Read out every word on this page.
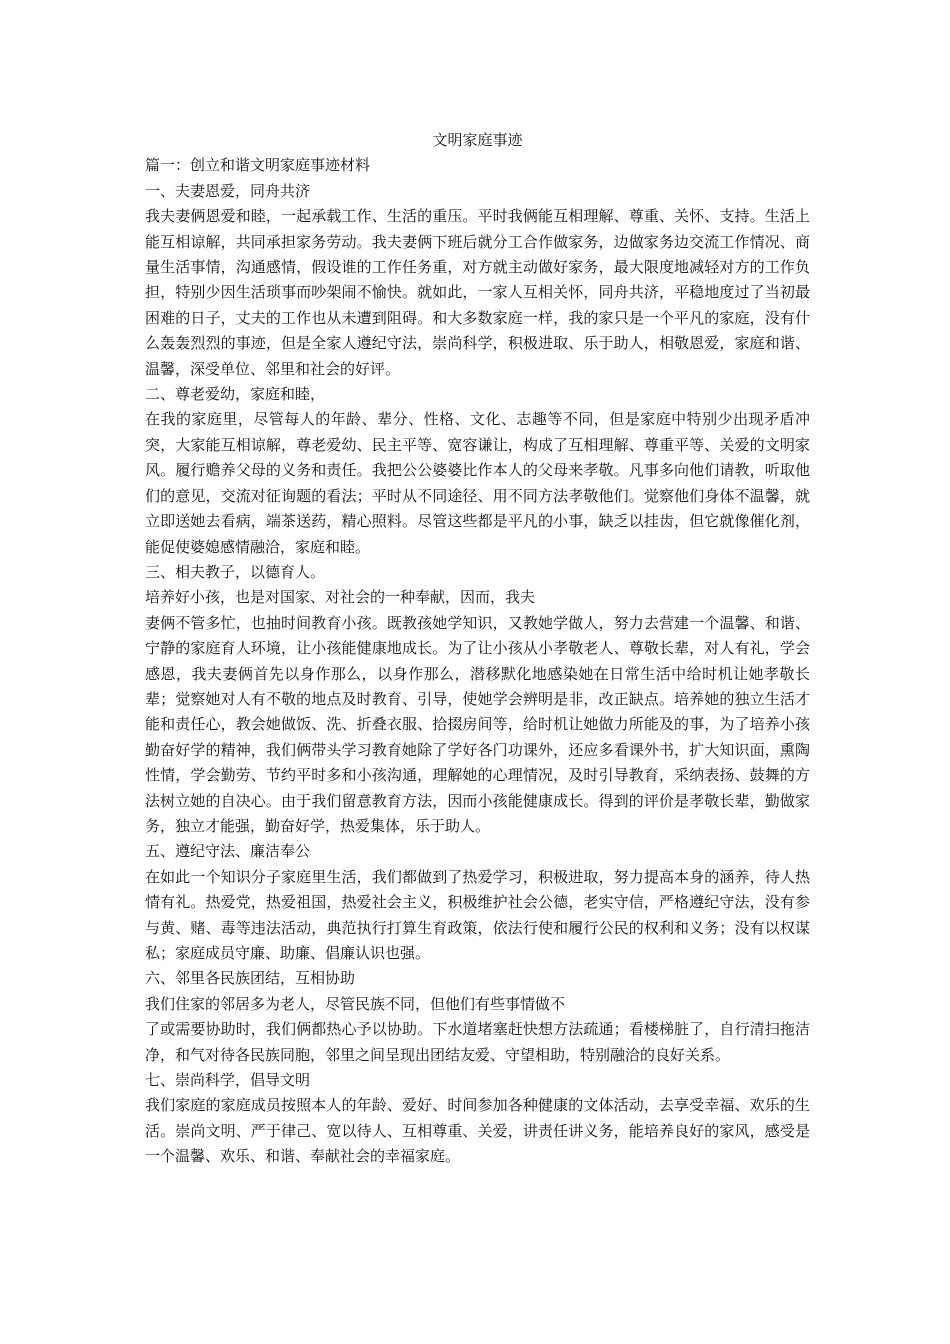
文明家庭事迹

篇一：创立和谐文明家庭事迹材料

一、夫妻恩爱，同舟共济

我夫妻俩恩爱和睦，一起承载工作、生活的重压。平时我俩能互相理解、尊重、关怀、支持。生活上能互相谅解，共同承担家务劳动。我夫妻俩下班后就分工合作做家务，边做家务边交流工作情况、商量生活事情，沟通感情，假设谁的工作任务重，对方就主动做好家务，最大限度地减轻对方的工作负担，特别少因生活琐事而吵架闹不愉快。就如此，一家人互相关怀，同舟共济，平稳地度过了当初最困难的日子，丈夫的工作也从未遭到阻碍。和大多数家庭一样，我的家只是一个平凡的家庭，没有什么轰轰烈烈的事迹，但是全家人遵纪守法，崇尚科学，积极进取、乐于助人，相敬恩爱，家庭和谐、温馨，深受单位、邻里和社会的好评。

二、尊老爱幼，家庭和睦，

在我的家庭里，尽管每人的年龄、辈分、性格、文化、志趣等不同，但是家庭中特别少出现矛盾冲突，大家能互相谅解，尊老爱幼、民主平等、宽容谦让，构成了互相理解、尊重平等、关爱的文明家风。履行赡养父母的义务和责任。我把公公婆婆比作本人的父母来孝敬。凡事多向他们请教，听取他们的意见，交流对征询题的看法；平时从不同途径、用不同方法孝敬他们。觉察他们身体不温馨，就立即送她去看病，端茶送药，精心照料。尽管这些都是平凡的小事，缺乏以挂齿，但它就像催化剂，能促使婆媳感情融洽，家庭和睦。

三、相夫教子，以德育人。

培养好小孩，也是对国家、对社会的一种奉献，因而，我夫

妻俩不管多忙，也抽时间教育小孩。既教孩她学知识，又教她学做人，努力去营建一个温馨、和谐、宁静的家庭育人环境，让小孩能健康地成长。为了让小孩从小孝敬老人、尊敬长辈，对人有礼，学会感恩，我夫妻俩首先以身作那么，以身作那么，潜移默化地感染她在日常生活中给时机让她孝敬长辈；觉察她对人有不敬的地点及时教育、引导，使她学会辨明是非，改正缺点。培养她的独立生活才能和责任心，教会她做饭、洗、折叠衣服、拾掇房间等，给时机让她做力所能及的事，为了培养小孩勤奋好学的精神，我们俩带头学习教育她除了学好各门功课外，还应多看课外书，扩大知识面，熏陶性情，学会勤劳、节约平时多和小孩沟通，理解她的心理情况，及时引导教育，采纳表扬、鼓舞的方法树立她的自决心。由于我们留意教育方法，因而小孩能健康成长。得到的评价是孝敬长辈，勤做家务，独立才能强，勤奋好学，热爱集体，乐于助人。

五、遵纪守法、廉洁奉公

在如此一个知识分子家庭里生活，我们都做到了热爱学习，积极进取，努力提高本身的涵养，待人热情有礼。热爱党，热爱祖国，热爱社会主义，积极维护社会公德，老实守信，严格遵纪守法，没有参与黄、赌、毒等违法活动，典范执行打算生育政策，依法行使和履行公民的权利和义务；没有以权谋私；家庭成员守廉、助廉、倡廉认识也强。

六、邻里各民族团结，互相协助

我们住家的邻居多为老人，尽管民族不同，但他们有些事情做不

了或需要协助时，我们俩都热心予以协助。下水道堵塞赶快想方法疏通；看楼梯脏了，自行清扫拖洁净，和气对待各民族同胞，邻里之间呈现出团结友爱、守望相助，特别融洽的良好关系。

七、崇尚科学，倡导文明

我们家庭的家庭成员按照本人的年龄、爱好、时间参加各种健康的文体活动，去享受幸福、欢乐的生活。崇尚文明、严于律己、宽以待人、互相尊重、关爱，讲责任讲义务，能培养良好的家风，感受是一个温馨、欢乐、和谐、奉献社会的幸福家庭。
